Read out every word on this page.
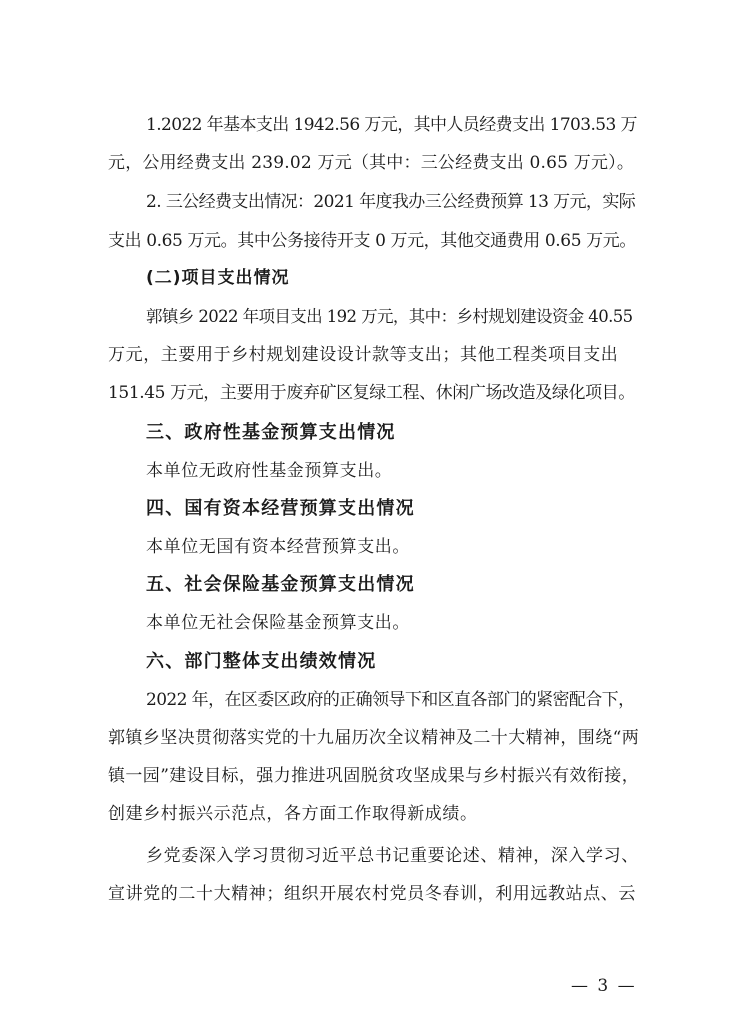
1.2022 年基本支出 1942.56 万元，其中人员经费支出 1703.53 万
元，公用经费支出 239.02 万元（其中：三公经费支出 0.65 万元）。
2. 三公经费支出情况：2021 年度我办三公经费预算 13 万元，实际
支出 0.65 万元。其中公务接待开支 0 万元，其他交通费用 0.65 万元。
(二)项目支出情况
郭镇乡 2022 年项目支出 192 万元，其中：乡村规划建设资金 40.55
万元，主要用于乡村规划建设设计款等支出；其他工程类项目支出
151.45 万元，主要用于废弃矿区复绿工程、休闲广场改造及绿化项目。
三、政府性基金预算支出情况
本单位无政府性基金预算支出。
四、国有资本经营预算支出情况
本单位无国有资本经营预算支出。
五、社会保险基金预算支出情况
本单位无社会保险基金预算支出。
六、部门整体支出绩效情况
2022 年，在区委区政府的正确领导下和区直各部门的紧密配合下，
郭镇乡坚决贯彻落实党的十九届历次全议精神及二十大精神，围绕“两
镇一园”建设目标，强力推进巩固脱贫攻坚成果与乡村振兴有效衔接，
创建乡村振兴示范点，各方面工作取得新成绩。
乡党委深入学习贯彻习近平总书记重要论述、精神，深入学习、
宣讲党的二十大精神；组织开展农村党员冬春训，利用远教站点、云
— 3 —
